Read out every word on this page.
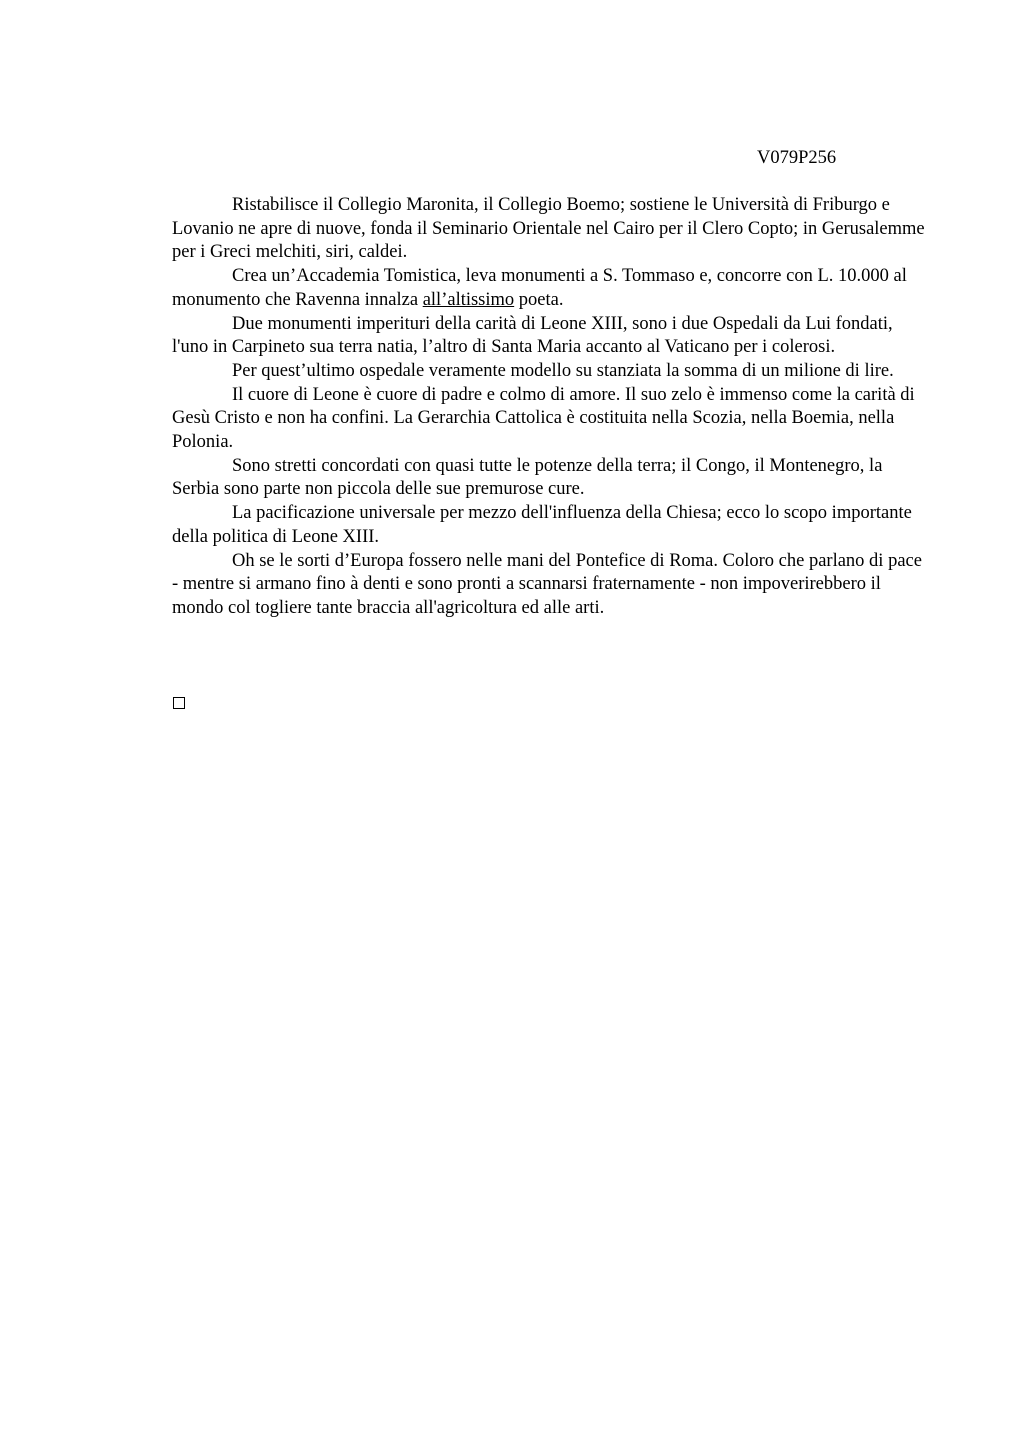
V079P256

Ristabilisce il Collegio Maronita, il Collegio Boemo; sostiene le Università di Friburgo e Lovanio ne apre di nuove, fonda il Seminario Orientale nel Cairo per il Clero Copto; in Gerusalemme per i Greci melchiti, siri, caldei.

Crea un’Accademia Tomistica, leva monumenti a S. Tommaso e, concorre con L. 10.000 al monumento che Ravenna innalza all’altissimo poeta.

Due monumenti imperituri della carità di Leone XIII, sono i due Ospedali da Lui fondati, l'uno in Carpineto sua terra natia, l’altro di Santa Maria accanto al Vaticano per i colerosi.

Per quest’ultimo ospedale veramente modello su stanziata la somma di un milione di lire.

Il cuore di Leone è cuore di padre e colmo di amore. Il suo zelo è immenso come la carità di Gesù Cristo e non ha confini. La Gerarchia Cattolica è costituita nella Scozia, nella Boemia, nella Polonia.

Sono stretti concordati con quasi tutte le potenze della terra; il Congo, il Montenegro, la Serbia sono parte non piccola delle sue premurose cure.

La pacificazione universale per mezzo dell'influenza della Chiesa; ecco lo scopo importante della politica di Leone XIII.

Oh se le sorti d’Europa fossero nelle mani del Pontefice di Roma. Coloro che parlano di pace - mentre si armano fino à denti e sono pronti a scannarsi fraternamente - non impoverirebbero il mondo col togliere tante braccia all'agricoltura ed alle arti.
